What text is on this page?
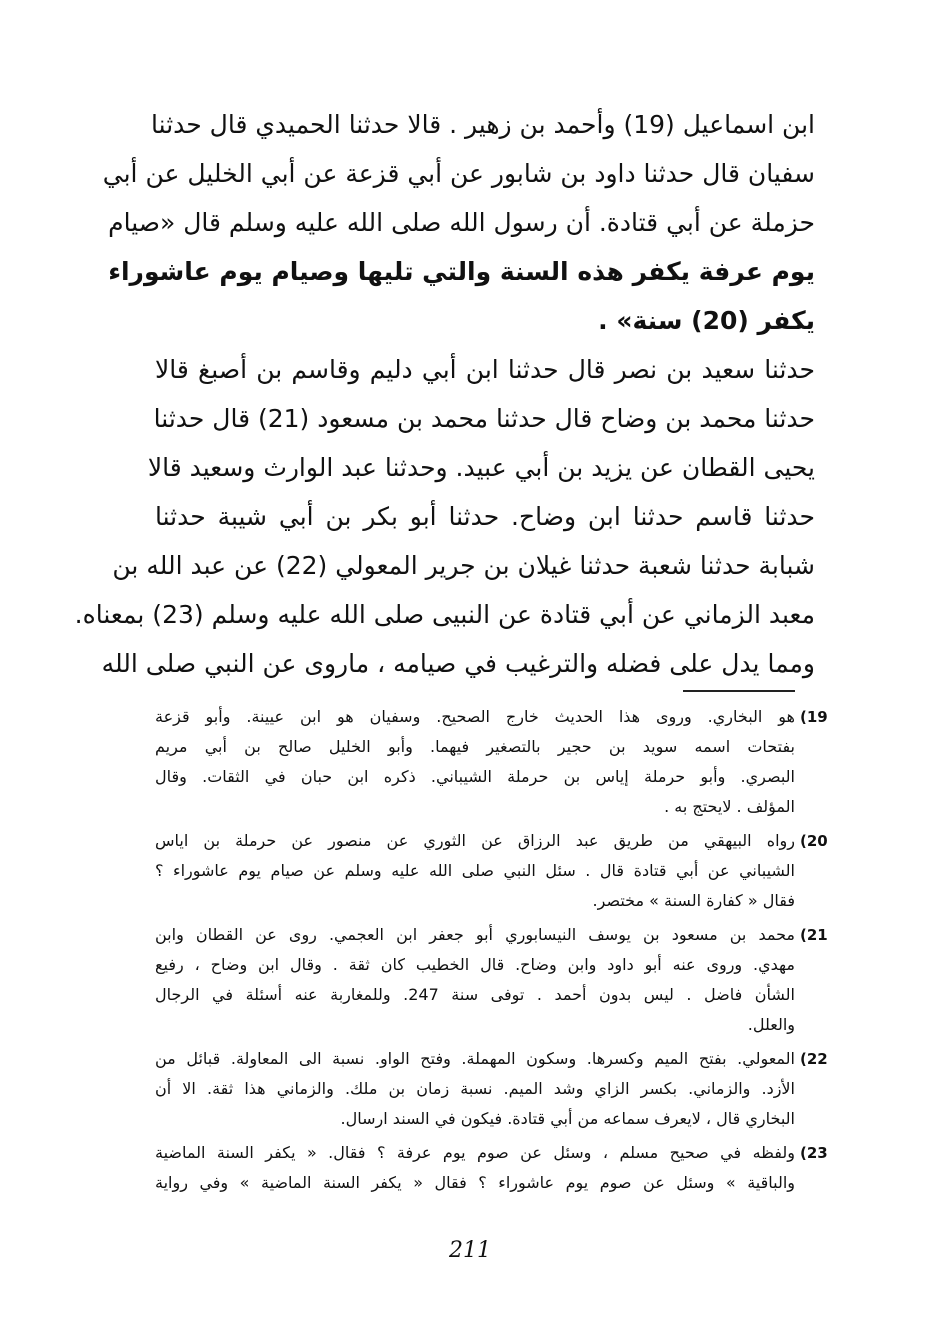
ابن اسماعيل (19) وأحمد بن زهير . قالا حدثنا الحميدي قال حدثنا
سفيان قال حدثنا داود بن شابور عن أبي قزعة عن أبي الخليل عن أبي
حزملة عن أبي قتادة. أن رسول الله صلى الله عليه وسلم قال «صيام
يوم عرفة يكفر هذه السنة والتي تليها وصيام يوم عاشوراء
يكفر (20) سنة» .
حدثنا سعيد بن نصر قال حدثنا ابن أبي دليم وقاسم بن أصبغ قالا
حدثنا محمد بن وضاح قال حدثنا محمد بن مسعود (21) قال حدثنا
يحيى القطان عن يزيد بن أبي عبيد. وحدثنا عبد الوارث وسعيد قالا
حدثنا قاسم حدثنا ابن وضاح. حدثنا أبو بكر بن أبي شيبة حدثنا
شبابة حدثنا شعبة حدثنا غيلان بن جرير المعولي (22) عن عبد الله بن
معبد الزماني عن أبي قتادة عن النبيى صلى الله عليه وسلم (23) بمعناه.
ومما يدل على فضله والترغيب في صيامه ، ماروى عن النبي صلى الله
(19
هو البخاري. وروى هذا الحديث خارج الصحيح. وسفيان هو ابن عيينة. وأبو قزعة
بفتحات اسمه سويد بن حجير بالتصغير فيهما. وأبو الخليل صالح بن أبي مريم
البصري. وأبو حرملة إياس بن حرملة الشيباني. ذكره ابن حبان في الثقات. وقال
المؤلف . لايحتج به .
(20
رواه البيهقي من طريق عبد الرزاق عن الثوري عن منصور عن حرملة بن اياس
الشيباني عن أبي قتادة قال . سئل النبي صلى الله عليه وسلم عن صيام يوم عاشوراء ؟
فقال « كفارة السنة » مختصر.
(21
محمد بن مسعود بن يوسف النيسابوري أبو جعفر ابن العجمي. روى عن القطان وابن
مهدي. وروى عنه أبو داود وابن وضاح. قال الخطيب كان ثقة . وقال ابن وضاح ، رفيع
الشأن فاضل . ليس بدون أحمد . توفى سنة 247. وللمغاربة عنه أسئلة في الرجال
والعلل.
(22
المعولي. بفتح الميم وكسرها. وسكون المهملة. وفتح الواو. نسبة الى المعاولة. قبائل من
الأزد. والزماني. بكسر الزاي وشد الميم. نسبة زمان بن ملك. والزماني هذا ثقة. الا أن
البخاري قال ، لايعرف سماعه من أبي قتادة. فيكون في السند ارسال.
(23
ولفظه في صحيح مسلم ، وسئل عن صوم يوم عرفة ؟ فقال. « يكفر السنة الماضية
والباقية » وسئل عن صوم يوم عاشوراء ؟ فقال « يكفر السنة الماضية » وفي رواية
211
